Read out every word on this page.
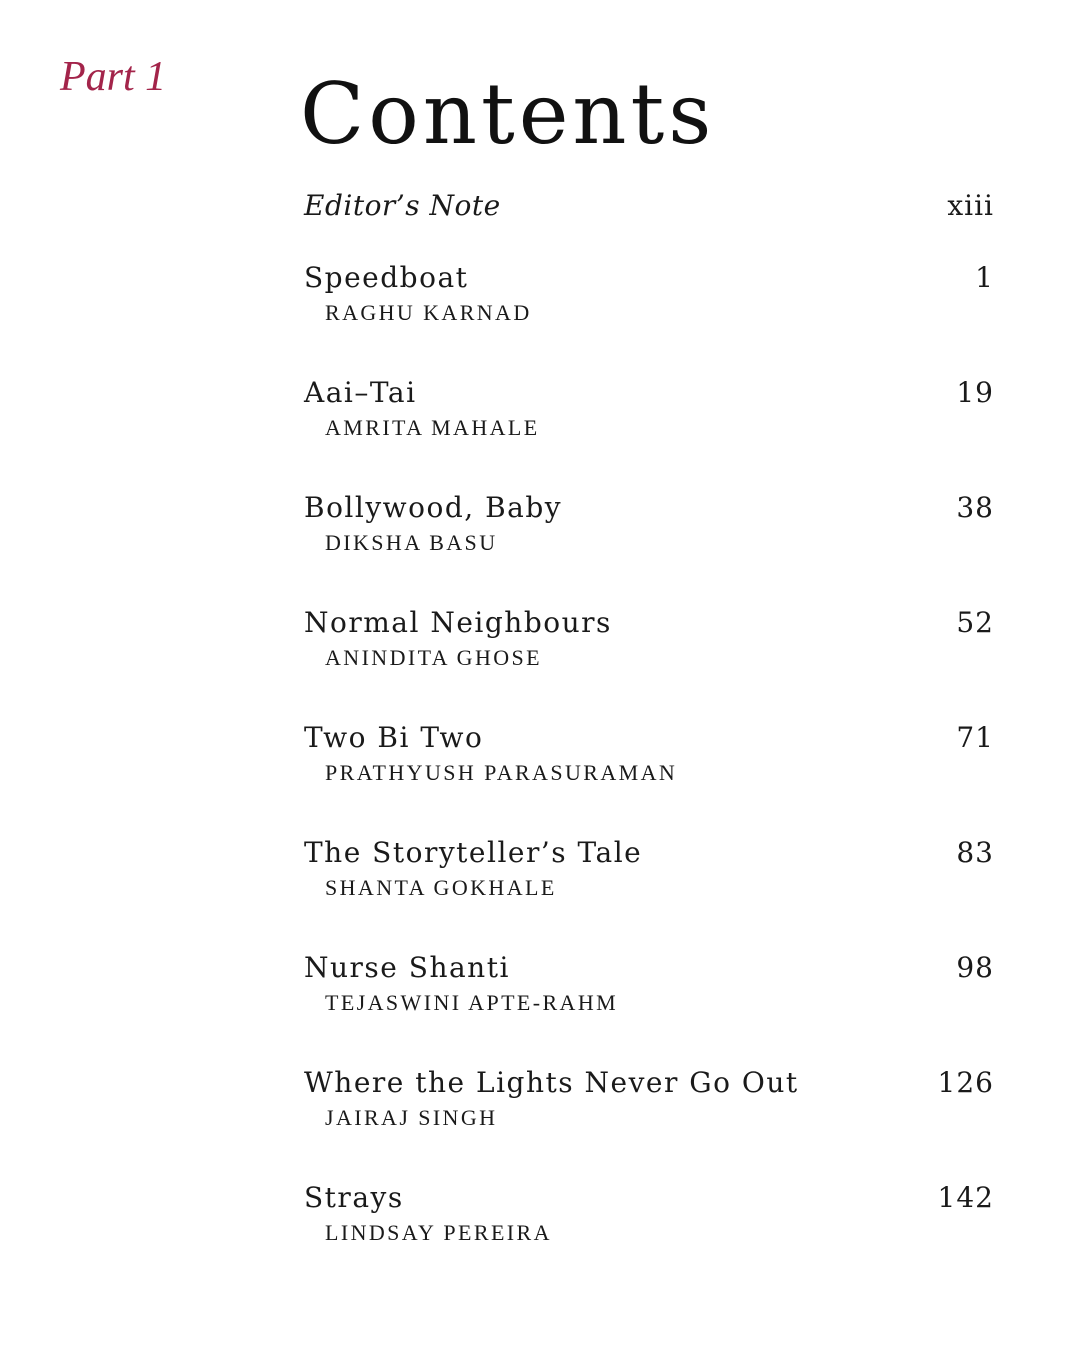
Part 1 Contents
Editor’s Note	xiii
Speedboat
RAGHU KARNAD
1
Aai–Tai
AMRITA MAHALE
19
Bollywood, Baby
DIKSHA BASU
38
Normal Neighbours
ANINDITA GHOSE
52
Two Bi Two
PRATHYUSH PARASURAMAN
71
The Storyteller’s Tale
SHANTA GOKHALE
83
Nurse Shanti
TEJASWINI APTE-RAHM
98
Where the Lights Never Go Out
JAIRAJ SINGH
126
Strays
LINDSAY PEREIRA
142
